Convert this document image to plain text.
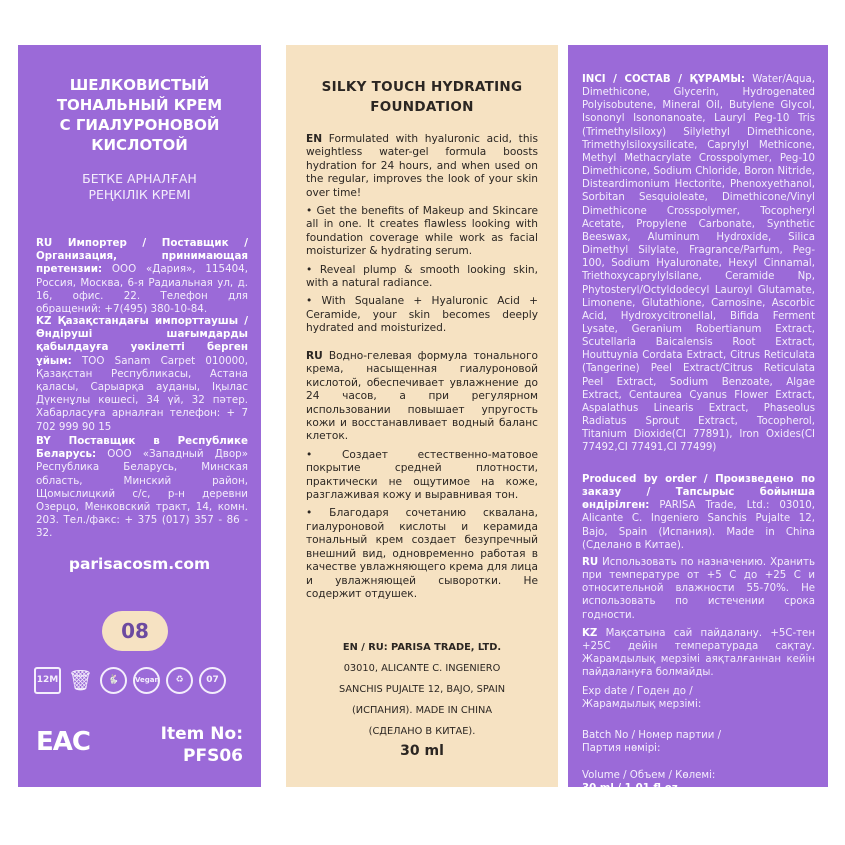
ШЕЛКОВИСТЫЙ
ТОНАЛЬНЫЙ КРЕМ
С ГИАЛУРОНОВОЙ
КИСЛОТОЙ
БЕТКЕ АРНАЛҒАН
РЕҢКІЛІК КРЕМІ
RU Импортер / Поставщик / Организация, принимающая претензии: ООО «Дария», 115404, Россия, Москва, 6-я Радиальная ул, д. 16, офис. 22. Телефон для обращений: +7(495) 380-10-84.
KZ Қазақстандағы импорттаушы / Өндіруші шағымдарды қабылдауға уәкілетті берген ұйым: ТОО Sanam Carpet 010000, Қазақстан Республикасы, Астана қаласы, Сарыарқа ауданы, Іқылас Дүкенұлы көшесі, 34 үй, 32 пәтер. Хабарласуға арналған телефон: + 7 702 999 90 15
BY Поставщик в Республике Беларусь: ООО «Западный Двор» Республика Беларусь, Минская область, Минский район, Щомыслицкий с/с, р-н деревни Озерцо, Менковский тракт, 14, комн. 203. Тел./факс: + 375 (017) 357 - 86 - 32.
parisacosm.com
08
12M 🗑	🐇	Vegan	♻	07
EAC	Item No:
PFS06
SILKY TOUCH HYDRATING
FOUNDATION
EN Formulated with hyaluronic acid, this weightless water-gel formula boosts hydration for 24 hours, and when used on the regular, improves the look of your skin over time!
• Get the benefits of Makeup and Skincare all in one. It creates flawless looking with foundation coverage while work as facial moisturizer & hydrating serum.
• Reveal plump & smooth looking skin, with a natural radiance.
• With Squalane + Hyaluronic Acid + Ceramide, your skin becomes deeply hydrated and moisturized.
RU Водно-гелевая формула тонального крема, насыщенная гиалуроновой кислотой, обеспечивает увлажнение до 24 часов, а при регулярном использовании повышает упругость кожи и восстанавливает водный баланс клеток.
• Создает естественно-матовое покрытие средней плотности, практически не ощутимое на коже, разглаживая кожу и выравнивая тон.
• Благодаря сочетанию сквалана, гиалуроновой кислоты и керамида тональный крем создает безупречный внешний вид, одновременно работая в качестве увлажняющего крема для лица и увлажняющей сыворотки. Не содержит отдушек.
EN / RU: PARISA TRADE, LTD.
03010, ALICANTE C. INGENIERO
SANCHIS PUJALTE 12, BAJO, SPAIN
(ИСПАНИЯ). MADE IN CHINA
(СДЕЛАНО В КИТАЕ).
30 ml
INCI / СОСТАВ / ҚҰРАМЫ: Water/Aqua, Dimethicone, Glycerin, Hydrogenated Polyisobutene, Mineral Oil, Butylene Glycol, Isononyl Isononanoate, Lauryl Peg-10 Tris (Trimethylsiloxy) Silylethyl Dimethicone, Trimethylsiloxysilicate, Caprylyl Methicone, Methyl Methacrylate Crosspolymer, Peg-10 Dimethicone, Sodium Chloride, Boron Nitride, Disteardimonium Hectorite, Phenoxyethanol, Sorbitan Sesquioleate, Dimethicone/Vinyl Dimethicone Crosspolymer, Tocopheryl Acetate, Propylene Carbonate, Synthetic Beeswax, Aluminum Hydroxide, Silica Dimethyl Silylate, Fragrance/Parfum, Peg-100, Sodium Hyaluronate, Hexyl Cinnamal, Triethoxycaprylylsilane, Ceramide Np, Phytosteryl/Octyldodecyl Lauroyl Glutamate, Limonene, Glutathione, Carnosine, Ascorbic Acid, Hydroxycitronellal, Bifida Ferment Lysate, Geranium Robertianum Extract, Scutellaria Baicalensis Root Extract, Houttuynia Cordata Extract, Citrus Reticulata (Tangerine) Peel Extract/Citrus Reticulata Peel Extract, Sodium Benzoate, Algae Extract, Centaurea Cyanus Flower Extract, Aspalathus Linearis Extract, Phaseolus Radiatus Sprout Extract, Tocopherol, Titanium Dioxide(CI 77891), Iron Oxides(CI 77492,CI 77491,CI 77499)
Produced by order / Произведено по заказу / Тапсырыс бойынша өндірілген: PARISA Trade, Ltd.: 03010, Alicante C. Ingeniero Sanchis Pujalte 12, Bajo, Spain (Испания). Made in China (Сделано в Китае).
RU Использовать по назначению. Хранить при температуре от +5 С до +25 С и относительной влажности 55-70%. Не использовать по истечении срока годности.
KZ Мақсатына сай пайдалану. +5С-тен +25С дейін температурада сақтау. Жарамдылық мерзімі аяқталғаннан кейін пайдалануға болмайды.
Exp date / Годен до /
Жарамдылық мерзімі:
Batch No / Номер партии /
Партия нөмірі:
Volume / Объем / Көлемі:
30 ml / 1,01 fl.oz.
